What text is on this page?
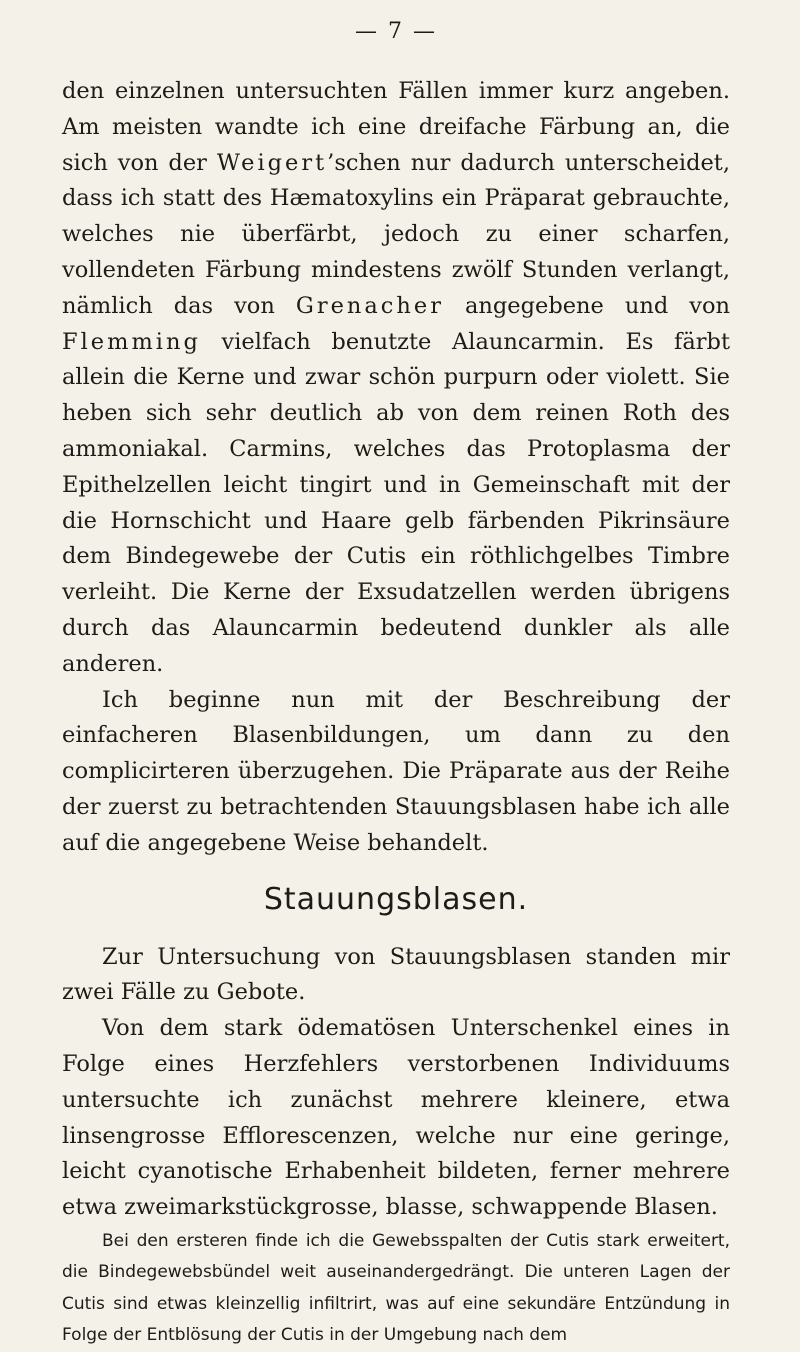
— 7 —

den einzelnen untersuchten Fällen immer kurz angeben. Am meisten wandte ich eine dreifache Färbung an, die sich von der Weigert’schen nur dadurch unterscheidet, dass ich statt des Hæmatoxylins ein Präparat gebrauchte, welches nie überfärbt, jedoch zu einer scharfen, vollendeten Färbung mindestens zwölf Stunden verlangt, nämlich das von Grenacher angegebene und von Flemming vielfach benutzte Alauncarmin. Es färbt allein die Kerne und zwar schön purpurn oder violett. Sie heben sich sehr deutlich ab von dem reinen Roth des ammoniakal. Carmins, welches das Protoplasma der Epithelzellen leicht tingirt und in Gemeinschaft mit der die Hornschicht und Haare gelb färbenden Pikrinsäure dem Bindegewebe der Cutis ein röthlichgelbes Timbre verleiht. Die Kerne der Exsudatzellen werden übrigens durch das Alauncarmin bedeutend dunkler als alle anderen.

Ich beginne nun mit der Beschreibung der einfacheren Blasenbildungen, um dann zu den complicirteren überzugehen. Die Präparate aus der Reihe der zuerst zu betrachtenden Stauungsblasen habe ich alle auf die angegebene Weise behandelt.

Stauungsblasen.

Zur Untersuchung von Stauungsblasen standen mir zwei Fälle zu Gebote.

Von dem stark ödematösen Unterschenkel eines in Folge eines Herzfehlers verstorbenen Individuums untersuchte ich zunächst mehrere kleinere, etwa linsengrosse Efflorescenzen, welche nur eine geringe, leicht cyanotische Erhabenheit bildeten, ferner mehrere etwa zweimarkstückgrosse, blasse, schwappende Blasen.

Bei den ersteren finde ich die Gewebsspalten der Cutis stark erweitert, die Bindegewebsbündel weit auseinandergedrängt. Die unteren Lagen der Cutis sind etwas kleinzellig infiltrirt, was auf eine sekundäre Entzündung in Folge der Entblösung der Cutis in der Umgebung nach dem
